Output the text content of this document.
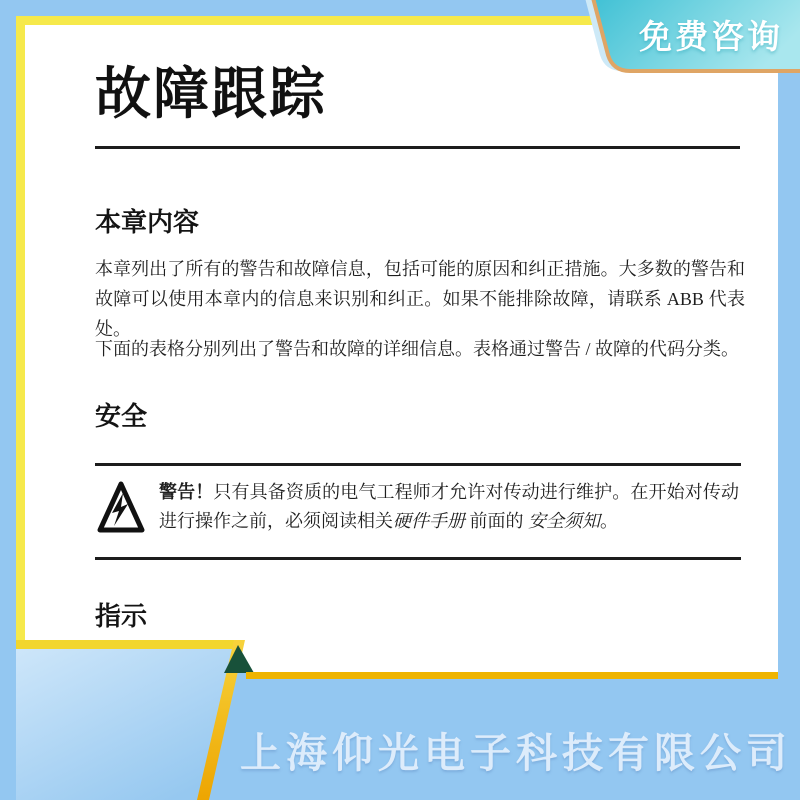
故障跟踪
本章内容
本章列出了所有的警告和故障信息，包括可能的原因和纠正措施。大多数的警告和故障可以使用本章内的信息来识别和纠正。如果不能排除故障，请联系 ABB 代表处。
下面的表格分别列出了警告和故障的详细信息。表格通过警告 / 故障的代码分类。
安全
警告！只有具备资质的电气工程师才允许对传动进行维护。在开始对传动进行操作之前，必须阅读相关硬件手册 前面的 安全须知。
指示
上海仰光电子科技有限公司
免费咨询
